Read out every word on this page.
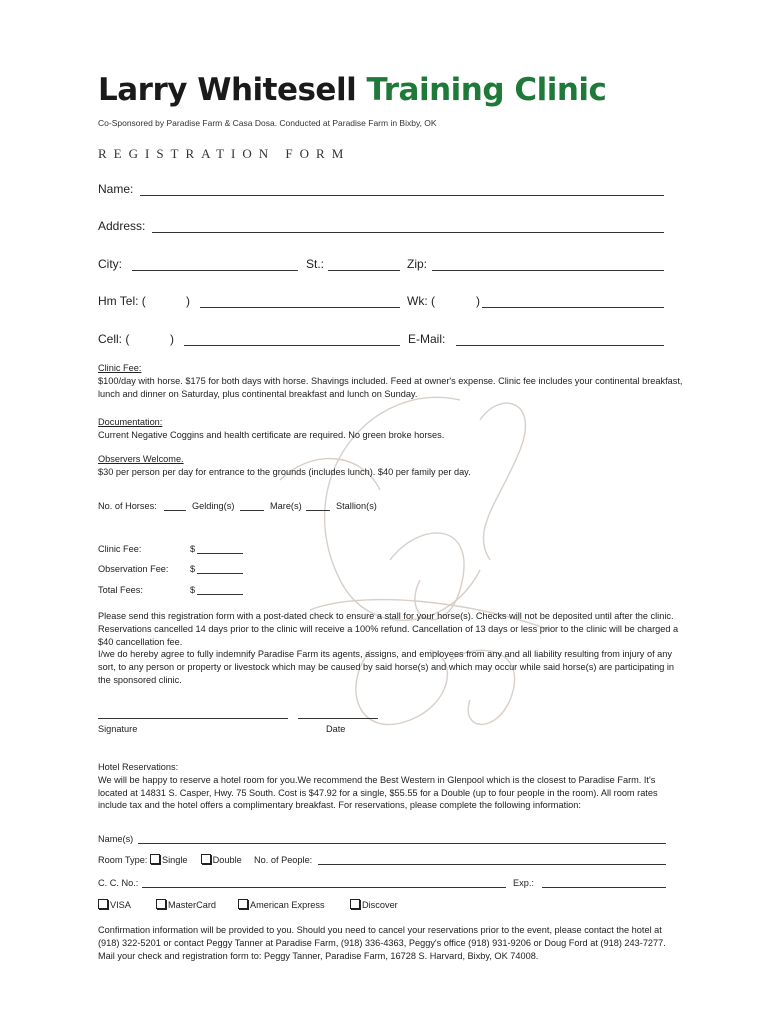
Larry Whitesell Training Clinic
Co-Sponsored by Paradise Farm & Casa Dosa. Conducted at Paradise Farm in Bixby, OK
REGISTRATION FORM
Name:
Address:
City:	St.:	Zip:
Hm Tel: (	)	Wk: (	)
Cell: (	)	E-Mail:
Clinic Fee:
$100/day with horse. $175 for both days with horse. Shavings included. Feed at owner's expense. Clinic fee includes your continental breakfast, lunch and dinner on Saturday, plus continental breakfast and lunch on Sunday.
Documentation:
Current Negative Coggins and health certificate are required. No green broke horses.
Observers Welcome.
$30 per person per day for entrance to the grounds (includes lunch). $40 per family per day.
No. of Horses:	Gelding(s)	Mare(s)	Stallion(s)
Clinic Fee:	$
Observation Fee: $
Total Fees:	$
Please send this registration form with a post-dated check to ensure a stall for your horse(s). Checks will not be deposited until after the clinic. Reservations cancelled 14 days prior to the clinic will receive a 100% refund. Cancellation of 13 days or less prior to the clinic will be charged a $40 cancellation fee.
I/we do hereby agree to fully indemnify Paradise Farm its agents, assigns, and employees from any and all liability resulting from injury of any sort, to any person or property or livestock which may be caused by said horse(s) and which may occur while said horse(s) are participating in the sponsored clinic.
Signature	Date
Hotel Reservations:
We will be happy to reserve a hotel room for you.We recommend the Best Western in Glenpool which is the closest to Paradise Farm. It's located at 14831 S. Casper, Hwy. 75 South. Cost is $47.92 for a single, $55.55 for a Double (up to four people in the room). All room rates include tax and the hotel offers a complimentary breakfast. For reservations, please complete the following information:
Name(s)
Room Type: Single	Double No. of People:
C. C. No.:	Exp.:
VISA	MasterCard	American Express	Discover
Confirmation information will be provided to you. Should you need to cancel your reservations prior to the event, please contact the hotel at (918) 322-5201 or contact Peggy Tanner at Paradise Farm, (918) 336-4363, Peggy's office (918) 931-9206 or Doug Ford at (918) 243-7277.
Mail your check and registration form to: Peggy Tanner, Paradise Farm, 16728 S. Harvard, Bixby, OK 74008.
